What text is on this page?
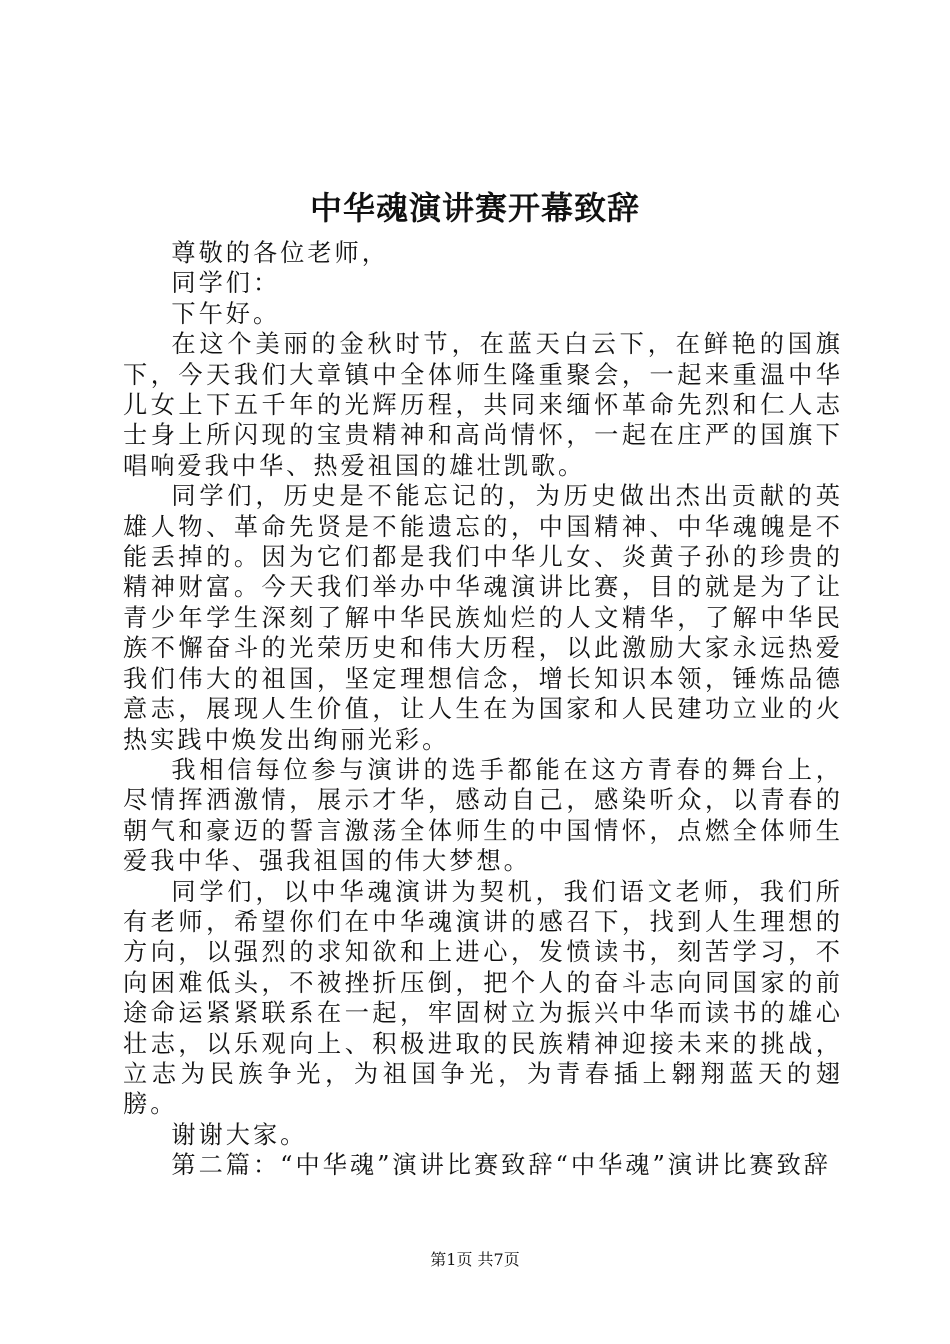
中华魂演讲赛开幕致辞

尊敬的各位老师，

同学们：

下午好。

在这个美丽的金秋时节，在蓝天白云下，在鲜艳的国旗下，今天我们大章镇中全体师生隆重聚会，一起来重温中华儿女上下五千年的光辉历程，共同来缅怀革命先烈和仁人志士身上所闪现的宝贵精神和高尚情怀，一起在庄严的国旗下唱响爱我中华、热爱祖国的雄壮凯歌。

同学们，历史是不能忘记的，为历史做出杰出贡献的英雄人物、革命先贤是不能遗忘的，中国精神、中华魂魄是不能丢掉的。因为它们都是我们中华儿女、炎黄子孙的珍贵的精神财富。今天我们举办中华魂演讲比赛，目的就是为了让青少年学生深刻了解中华民族灿烂的人文精华，了解中华民族不懈奋斗的光荣历史和伟大历程，以此激励大家永远热爱我们伟大的祖国，坚定理想信念，增长知识本领，锤炼品德意志，展现人生价值，让人生在为国家和人民建功立业的火热实践中焕发出绚丽光彩。

我相信每位参与演讲的选手都能在这方青春的舞台上，尽情挥洒激情，展示才华，感动自己，感染听众，以青春的朝气和豪迈的誓言激荡全体师生的中国情怀，点燃全体师生爱我中华、强我祖国的伟大梦想。

同学们，以中华魂演讲为契机，我们语文老师，我们所有老师，希望你们在中华魂演讲的感召下，找到人生理想的方向，以强烈的求知欲和上进心，发愤读书，刻苦学习，不向困难低头，不被挫折压倒，把个人的奋斗志向同国家的前途命运紧紧联系在一起，牢固树立为振兴中华而读书的雄心壮志，以乐观向上、积极进取的民族精神迎接未来的挑战，立志为民族争光，为祖国争光，为青春插上翱翔蓝天的翅膀。

谢谢大家。

第二篇：“中华魂”演讲比赛致辞“中华魂”演讲比赛致辞

第1页 共7页
